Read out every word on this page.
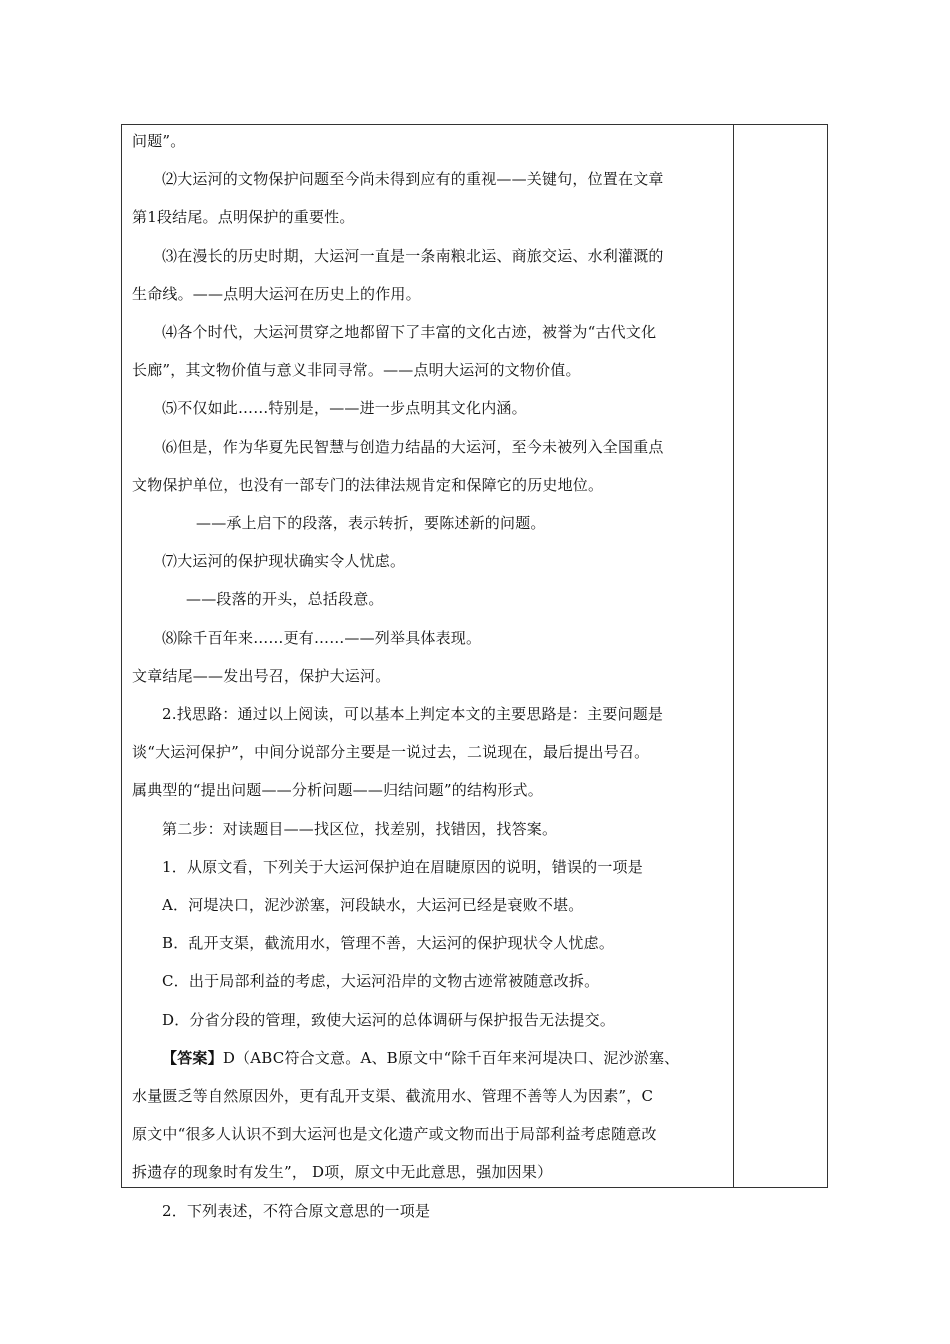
问题”。

⑵大运河的文物保护问题至今尚未得到应有的重视——关键句，位置在文章

第1段结尾。点明保护的重要性。

⑶在漫长的历史时期，大运河一直是一条南粮北运、商旅交运、水利灌溉的

生命线。——点明大运河在历史上的作用。

⑷各个时代，大运河贯穿之地都留下了丰富的文化古迹，被誉为“古代文化

长廊”，其文物价值与意义非同寻常。——点明大运河的文物价值。

⑸不仅如此……特别是，——进一步点明其文化内涵。

⑹但是，作为华夏先民智慧与创造力结晶的大运河，至今未被列入全国重点

文物保护单位，也没有一部专门的法律法规肯定和保障它的历史地位。

——承上启下的段落，表示转折，要陈述新的问题。

⑺大运河的保护现状确实令人忧虑。

——段落的开头，总括段意。

⑻除千百年来……更有……——列举具体表现。

文章结尾——发出号召，保护大运河。

2.找思路：通过以上阅读，可以基本上判定本文的主要思路是：主要问题是

谈“大运河保护”，中间分说部分主要是一说过去，二说现在，最后提出号召。

属典型的“提出问题——分析问题——归结问题”的结构形式。

第二步：对读题目——找区位，找差别，找错因，找答案。

1．从原文看，下列关于大运河保护迫在眉睫原因的说明，错误的一项是

A．河堤决口，泥沙淤塞，河段缺水，大运河已经是衰败不堪。

B．乱开支渠，截流用水，管理不善，大运河的保护现状令人忧虑。

C．出于局部利益的考虑，大运河沿岸的文物古迹常被随意改拆。

D．分省分段的管理，致使大运河的总体调研与保护报告无法提交。

【答案】D（ABC符合文意。A、B原文中“除千百年来河堤决口、泥沙淤塞、

水量匮乏等自然原因外，更有乱开支渠、截流用水、管理不善等人为因素”，C

原文中“很多人认识不到大运河也是文化遗产或文物而出于局部利益考虑随意改

拆遗存的现象时有发生”， D项，原文中无此意思，强加因果）

2．下列表述，不符合原文意思的一项是
